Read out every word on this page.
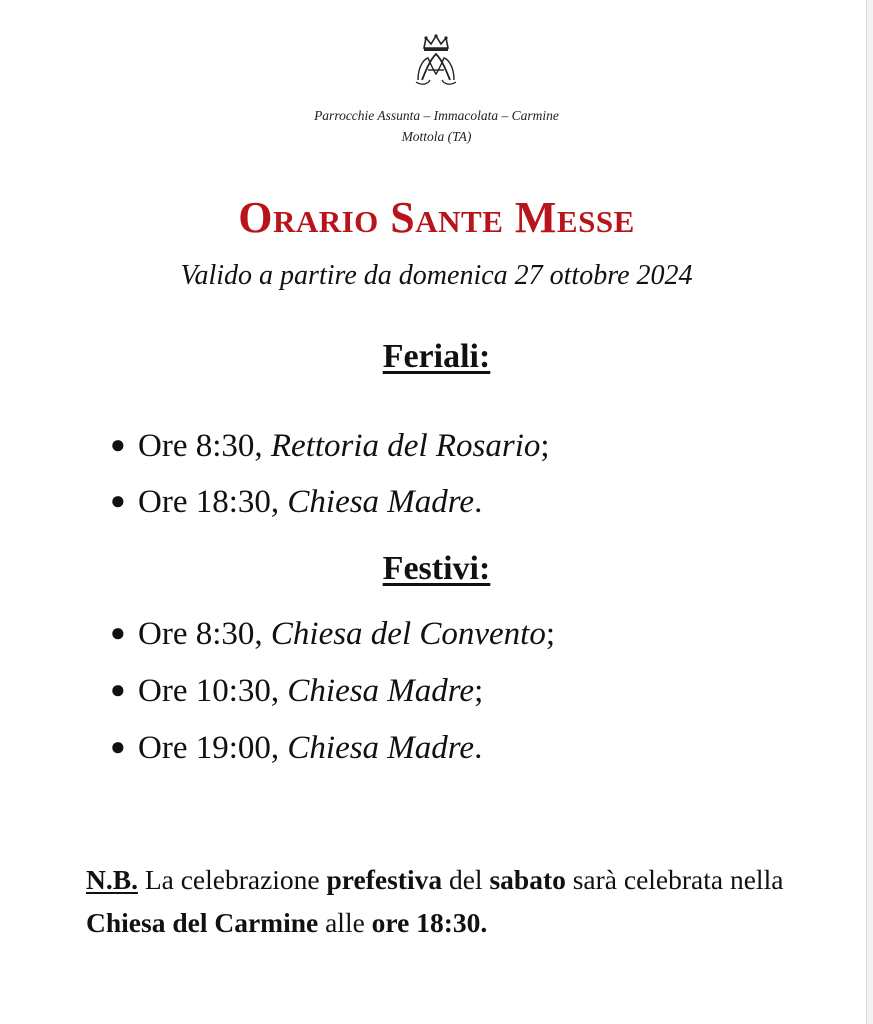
Parrocchie Assunta – Immacolata – Carmine
Mottola (TA)
Orario Sante Messe
Valido a partire da domenica 27 ottobre 2024
Feriali:
● Ore 8:30, Rettoria del Rosario;
● Ore 18:30, Chiesa Madre.
Festivi:
● Ore 8:30, Chiesa del Convento;
● Ore 10:30, Chiesa Madre;
● Ore 19:00, Chiesa Madre.
N.B. La celebrazione prefestiva del sabato sarà celebrata nella Chiesa del Carmine alle ore 18:30.
